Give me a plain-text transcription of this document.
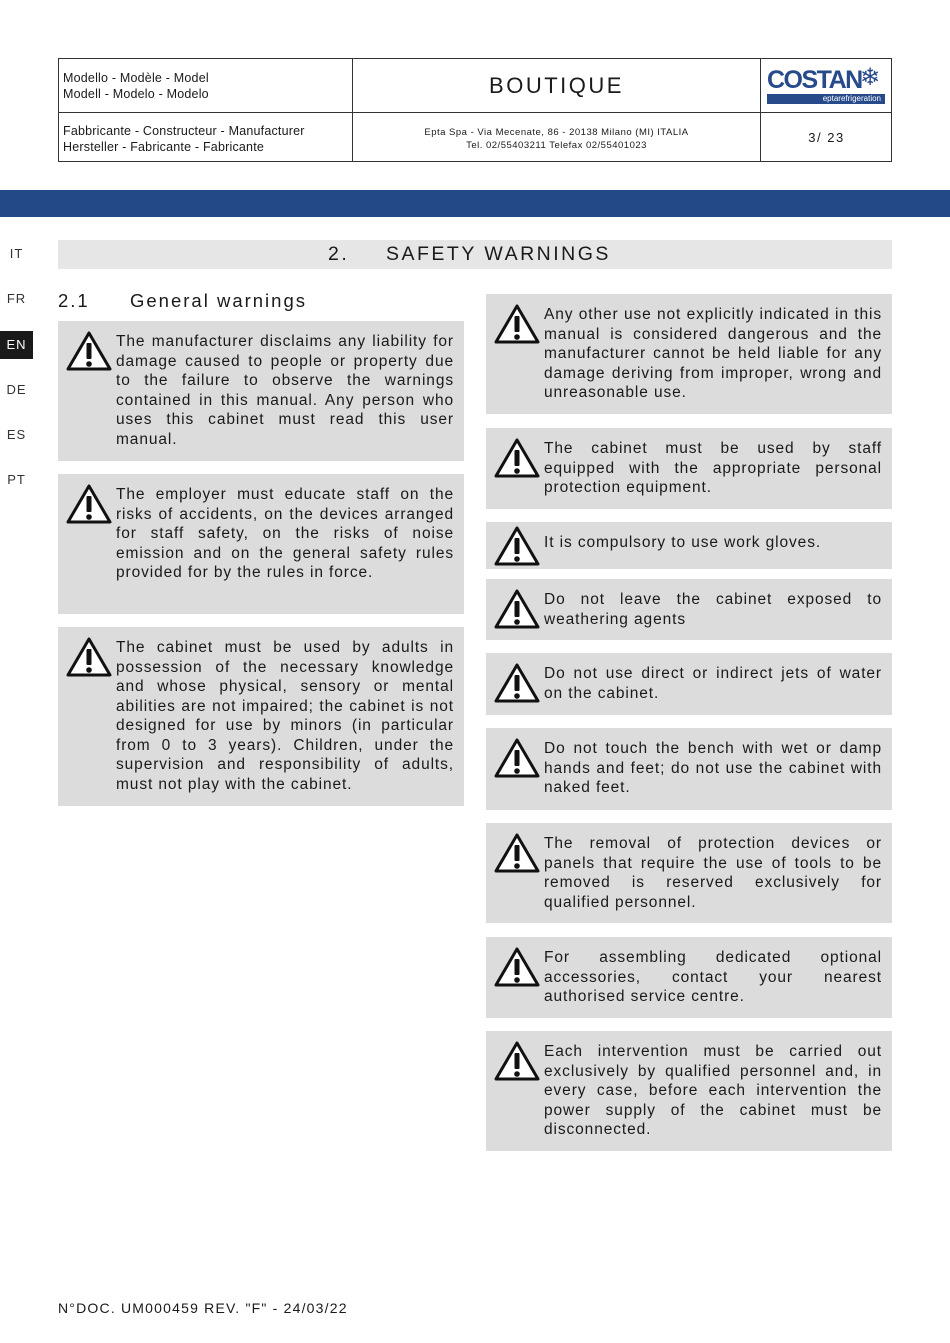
Modello - Modèle - Model
Modell - Modelo - Modelo	BOUTIQUE	COSTAN
❄
eptarefrigeration
Fabbricante - Constructeur - Manufacturer
Hersteller - Fabricante - Fabricante
Epta Spa - Via Mecenate, 86 - 20138 Milano (MI) ITALIA
Tel. 02/55403211 Telefax 02/55401023
3/ 23
IT
FR
EN
DE
ES
PT
2. SAFETY WARNINGS
2.1 General warnings
The manufacturer disclaims any liability for damage caused to people or property due to the failure to observe the warnings contained in this manual. Any person who uses this cabinet must read this user manual.
The employer must educate staff on the risks of accidents, on the devices arranged for staff safety, on the risks of noise emission and on the general safety rules provided for by the rules in force.
The cabinet must be used by adults in possession of the necessary knowledge and whose physical, sensory or mental abilities are not impaired; the cabinet is not designed for use by minors (in particular from 0 to 3 years). Children, under the supervision and responsibility of adults, must not play with the cabinet.
Any other use not explicitly indicated in this manual is considered dangerous and the manufacturer cannot be held liable for any damage deriving from improper, wrong and unreasonable use.
The cabinet must be used by staff equipped with the appropriate personal protection equipment.
It is compulsory to use work gloves.
Do not leave the cabinet exposed to weathering agents
Do not use direct or indirect jets of water on the cabinet.
Do not touch the bench with wet or damp hands and feet; do not use the cabinet with naked feet.
The removal of protection devices or panels that require the use of tools to be removed is reserved exclusively for qualified personnel.
For assembling dedicated optional accessories, contact your nearest authorised service centre.
Each intervention must be carried out exclusively by qualified personnel and, in every case, before each intervention the power supply of the cabinet must be disconnected.
N°DOC. UM000459 REV. "F" - 24/03/22
